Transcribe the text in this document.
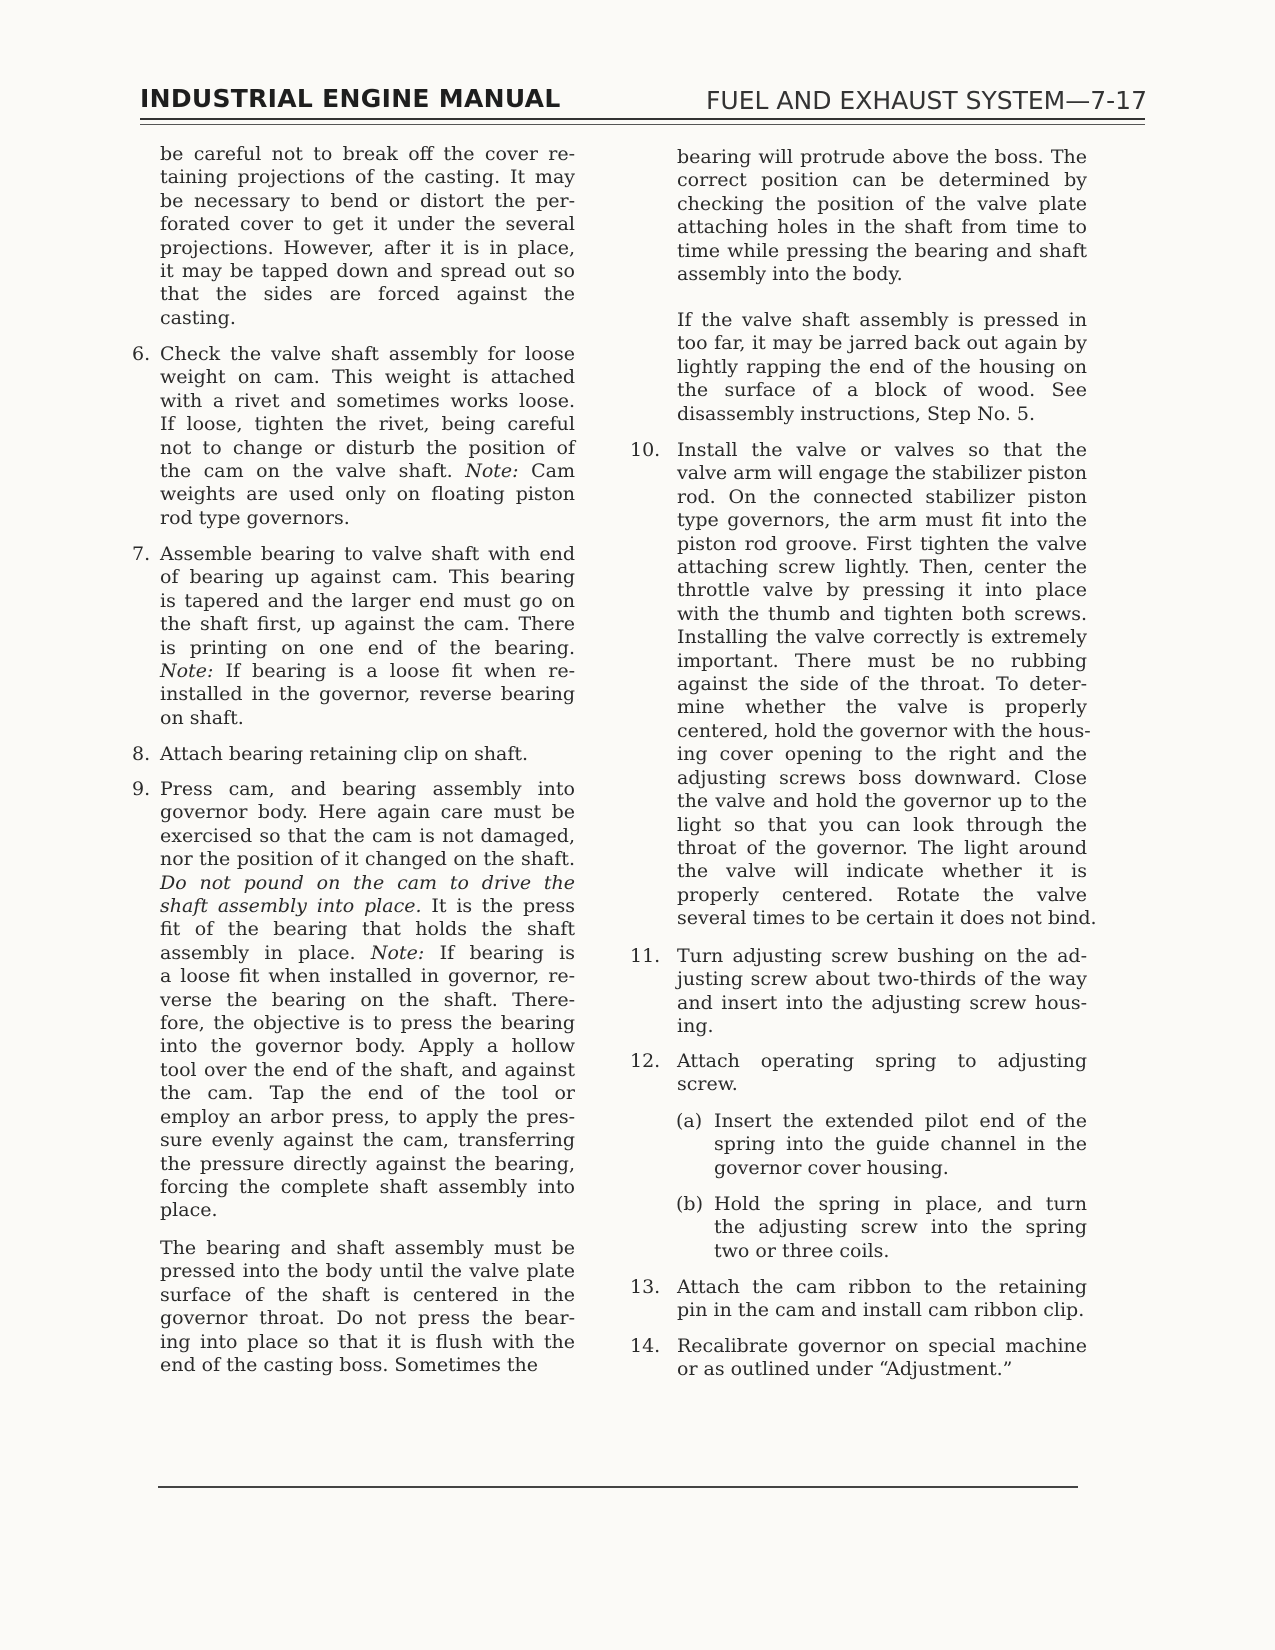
INDUSTRIAL ENGINE MANUAL	FUEL AND EXHAUST SYSTEM—7-17
be careful not to break off the cover re-
taining projections of the casting. It may
be necessary to bend or distort the per-
forated cover to get it under the several
projections. However, after it is in place,
it may be tapped down and spread out so
that the sides are forced against the
casting.
6. Check the valve shaft assembly for loose
weight on cam. This weight is attached
with a rivet and sometimes works loose.
If loose, tighten the rivet, being careful
not to change or disturb the position of
the cam on the valve shaft. Note: Cam
weights are used only on floating piston
rod type governors.
7. Assemble bearing to valve shaft with end
of bearing up against cam. This bearing
is tapered and the larger end must go on
the shaft first, up against the cam. There
is printing on one end of the bearing.
Note: If bearing is a loose fit when re-
installed in the governor, reverse bearing
on shaft.
8. Attach bearing retaining clip on shaft.
9. Press cam, and bearing assembly into
governor body. Here again care must be
exercised so that the cam is not damaged,
nor the position of it changed on the shaft.
Do not pound on the cam to drive the
shaft assembly into place. It is the press
fit of the bearing that holds the shaft
assembly in place. Note: If bearing is
a loose fit when installed in governor, re-
verse the bearing on the shaft. There-
fore, the objective is to press the bearing
into the governor body. Apply a hollow
tool over the end of the shaft, and against
the cam. Tap the end of the tool or
employ an arbor press, to apply the pres-
sure evenly against the cam, transferring
the pressure directly against the bearing,
forcing the complete shaft assembly into
place.
The bearing and shaft assembly must be
pressed into the body until the valve plate
surface of the shaft is centered in the
governor throat. Do not press the bear-
ing into place so that it is flush with the
end of the casting boss. Sometimes the
bearing will protrude above the boss. The
correct position can be determined by
checking the position of the valve plate
attaching holes in the shaft from time to
time while pressing the bearing and shaft
assembly into the body.
If the valve shaft assembly is pressed in
too far, it may be jarred back out again by
lightly rapping the end of the housing on
the surface of a block of wood. See
disassembly instructions, Step No. 5.
10. Install the valve or valves so that the
valve arm will engage the stabilizer piston
rod. On the connected stabilizer piston
type governors, the arm must fit into the
piston rod groove. First tighten the valve
attaching screw lightly. Then, center the
throttle valve by pressing it into place
with the thumb and tighten both screws.
Installing the valve correctly is extremely
important. There must be no rubbing
against the side of the throat. To deter-
mine whether the valve is properly
centered, hold the governor with the hous-
ing cover opening to the right and the
adjusting screws boss downward. Close
the valve and hold the governor up to the
light so that you can look through the
throat of the governor. The light around
the valve will indicate whether it is
properly centered. Rotate the valve
several times to be certain it does not bind.
11. Turn adjusting screw bushing on the ad-
justing screw about two-thirds of the way
and insert into the adjusting screw hous-
ing.
12. Attach operating spring to adjusting
screw.
(a) Insert the extended pilot end of the
spring into the guide channel in the
governor cover housing.
(b) Hold the spring in place, and turn
the adjusting screw into the spring
two or three coils.
13. Attach the cam ribbon to the retaining
pin in the cam and install cam ribbon clip.
14. Recalibrate governor on special machine
or as outlined under “Adjustment.”
